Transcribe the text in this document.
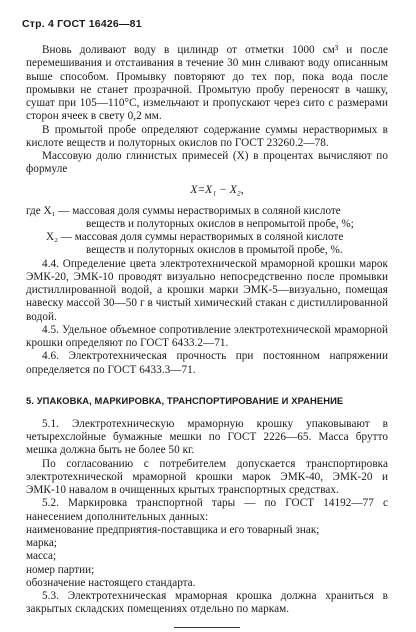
Стр. 4 ГОСТ 16426—81

Вновь доливают воду в цилиндр от отметки 1000 см³ и после перемешивания и отстаивания в течение 30 мин сливают воду описанным выше способом. Промывку повторяют до тех пор, пока вода после промывки не станет прозрачной. Промытую пробу переносят в чашку, сушат при 105—110°С, измельчают и пропускают через сито с размерами сторон ячеек в свету 0,2 мм.

В промытой пробе определяют содержание суммы нерастворимых в кислоте веществ и полуторных окислов по ГОСТ 23260.2—78.

Массовую долю глинистых примесей (X) в процентах вычисляют по формуле

X=X₁ − X₂,
где X₁ — массовая доля суммы нерастворимых в соляной кислоте
веществ и полуторных окислов в непромытой пробе, %;
X₂ — массовая доля суммы нерастворимых в соляной кислоте
веществ и полуторных окислов в промытой пробе, %.

4.4. Определение цвета электротехнической мраморной крошки марок ЭМК-20, ЭМК-10 проводят визуально непосредственно после промывки дистиллированной водой, а крошки марки ЭМК-5—визуально, помещая навеску массой 30—50 г в чистый химический стакан с дистиллированной водой.

4.5. Удельное объемное сопротивление электротехнической мраморной крошки определяют по ГОСТ 6433.2—71.

4.6. Электротехническая прочность при постоянном напряжении определяется по ГОСТ 6433.3—71.

5. УПАКОВКА, МАРКИРОВКА, ТРАНСПОРТИРОВАНИЕ И ХРАНЕНИЕ

5.1. Электротехническую мраморную крошку упаковывают в четырехслойные бумажные мешки по ГОСТ 2226—65. Масса брутто мешка должна быть не более 50 кг.

По согласованию с потребителем допускается транспортировка электротехнической мраморной крошки марок ЭМК-40, ЭМК-20 и ЭМК-10 навалом в очищенных крытых транспортных средствах.

5.2. Маркировка транспортной тары — по ГОСТ 14192—77 с нанесением дополнительных данных:

наименование предприятия-поставщика и его товарный знак;

марка;

масса;

номер партии;

обозначение настоящего стандарта.

5.3. Электротехническая мраморная крошка должна храниться в закрытых складских помещениях отдельно по маркам.
